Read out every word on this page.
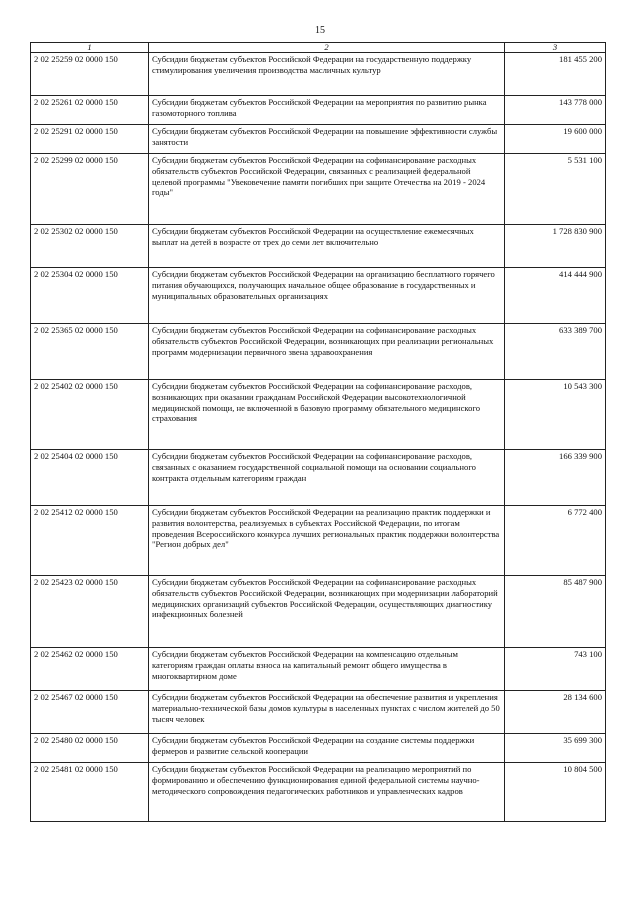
15
1	2	3
2 02 25259 02 0000 150	Субсидии бюджетам субъектов Российской Федерации на государственную поддержку стимулирования увеличения производства масличных культур	181 455 200
2 02 25261 02 0000 150	Субсидии бюджетам субъектов Российской Федерации на мероприятия по развитию рынка газомоторного топлива	143 778 000
2 02 25291 02 0000 150	Субсидии бюджетам субъектов Российской Федерации на повышение эффективности службы занятости	19 600 000
2 02 25299 02 0000 150	Субсидии бюджетам субъектов Российской Федерации на софинансирование расходных обязательств субъектов Российской Федерации, связанных с реализацией федеральной целевой программы "Увековечение памяти погибших при защите Отечества на 2019 - 2024 годы"	5 531 100
2 02 25302 02 0000 150	Субсидии бюджетам субъектов Российской Федерации на осуществление ежемесячных выплат на детей в возрасте от трех до семи лет включительно	1 728 830 900
2 02 25304 02 0000 150	Субсидии бюджетам субъектов Российской Федерации на организацию бесплатного горячего питания обучающихся, получающих начальное общее образование в государственных и муниципальных образовательных организациях	414 444 900
2 02 25365 02 0000 150	Субсидии бюджетам субъектов Российской Федерации на софинансирование расходных обязательств субъектов Российской Федерации, возникающих при реализации региональных программ модернизации первичного звена здравоохранения	633 389 700
2 02 25402 02 0000 150	Субсидии бюджетам субъектов Российской Федерации на софинансирование расходов, возникающих при оказании гражданам Российской Федерации высокотехнологичной медицинской помощи, не включенной в базовую программу обязательного медицинского страхования	10 543 300
2 02 25404 02 0000 150	Субсидии бюджетам субъектов Российской Федерации на софинансирование расходов, связанных с оказанием государственной социальной помощи на основании социального контракта отдельным категориям граждан	166 339 900
2 02 25412 02 0000 150	Субсидии бюджетам субъектов Российской Федерации на реализацию практик поддержки и развития волонтерства, реализуемых в субъектах Российской Федерации, по итогам проведения Всероссийского конкурса лучших региональных практик поддержки волонтерства "Регион добрых дел"	6 772 400
2 02 25423 02 0000 150	Субсидии бюджетам субъектов Российской Федерации на софинансирование расходных обязательств субъектов Российской Федерации, возникающих при модернизации лабораторий медицинских организаций субъектов Российской Федерации, осуществляющих диагностику инфекционных болезней	85 487 900
2 02 25462 02 0000 150	Субсидии бюджетам субъектов Российской Федерации на компенсацию отдельным категориям граждан оплаты взноса на капитальный ремонт общего имущества в многоквартирном доме	743 100
2 02 25467 02 0000 150	Субсидии бюджетам субъектов Российской Федерации на обеспечение развития и укрепления материально-технической базы домов культуры в населенных пунктах с числом жителей до 50 тысяч человек	28 134 600
2 02 25480 02 0000 150	Субсидии бюджетам субъектов Российской Федерации на создание системы поддержки фермеров и развитие сельской кооперации	35 699 300
2 02 25481 02 0000 150	Субсидии бюджетам субъектов Российской Федерации на реализацию мероприятий по формированию и обеспечению функционирования единой федеральной системы научно-методического сопровождения педагогических работников и управленческих кадров	10 804 500
